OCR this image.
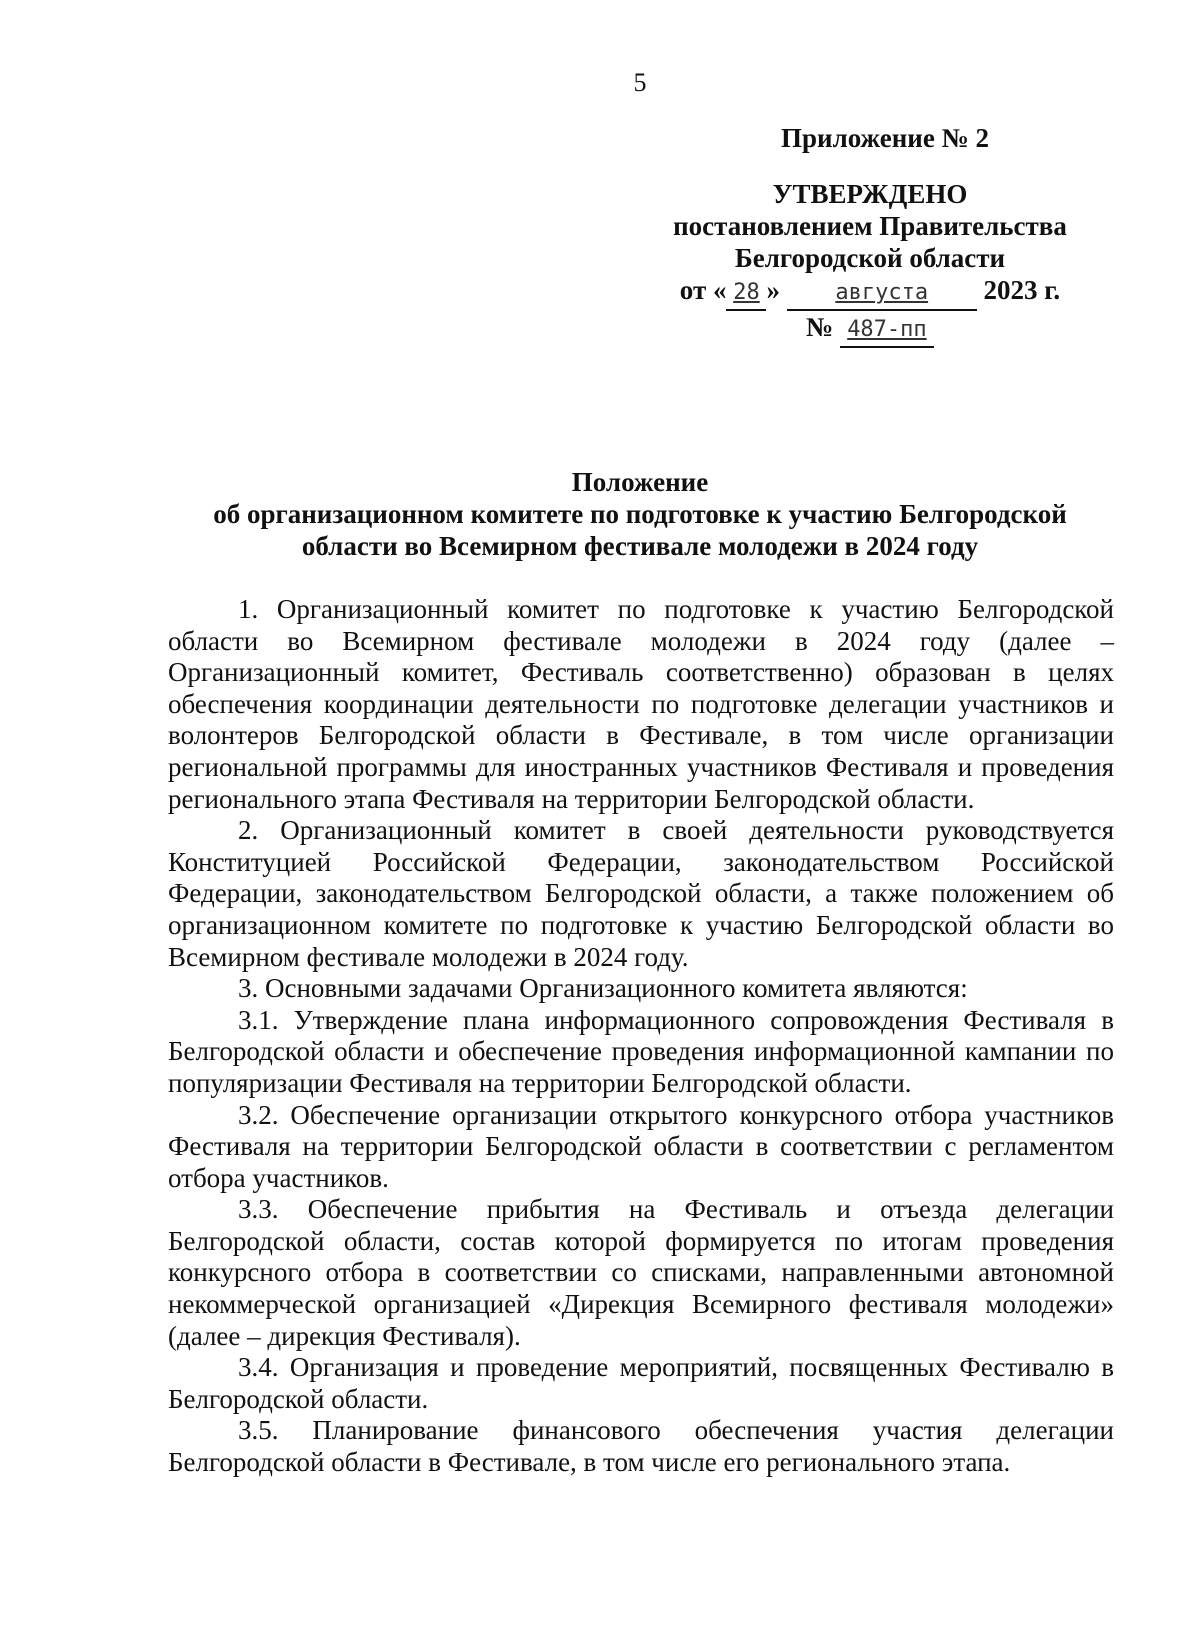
5
Приложение № 2
УТВЕРЖДЕНО
постановлением Правительства
Белгородской области
от « 28 »	августа 2023 г.
№ 487-пп
Положение
об организационном комитете по подготовке к участию Белгородской области во Всемирном фестивале молодежи в 2024 году

1. Организационный комитет по подготовке к участию Белгородской области во Всемирном фестивале молодежи в 2024 году (далее – Организационный комитет, Фестиваль соответственно) образован в целях обеспечения координации деятельности по подготовке делегации участников и волонтеров Белгородской области в Фестивале, в том числе организации региональной программы для иностранных участников Фестиваля и проведения регионального этапа Фестиваля на территории Белгородской области.

2. Организационный комитет в своей деятельности руководствуется Конституцией Российской Федерации, законодательством Российской Федерации, законодательством Белгородской области, а также положением об организационном комитете по подготовке к участию Белгородской области во Всемирном фестивале молодежи в 2024 году.

3. Основными задачами Организационного комитета являются:

3.1. Утверждение плана информационного сопровождения Фестиваля в Белгородской области и обеспечение проведения информационной кампании по популяризации Фестиваля на территории Белгородской области.

3.2. Обеспечение организации открытого конкурсного отбора участников Фестиваля на территории Белгородской области в соответствии с регламентом отбора участников.

3.3. Обеспечение прибытия на Фестиваль и отъезда делегации Белгородской области, состав которой формируется по итогам проведения конкурсного отбора в соответствии со списками, направленными автономной некоммерческой организацией «Дирекция Всемирного фестиваля молодежи» (далее – дирекция Фестиваля).

3.4. Организация и проведение мероприятий, посвященных Фестивалю в Белгородской области.

3.5. Планирование финансового обеспечения участия делегации Белгородской области в Фестивале, в том числе его регионального этапа.
